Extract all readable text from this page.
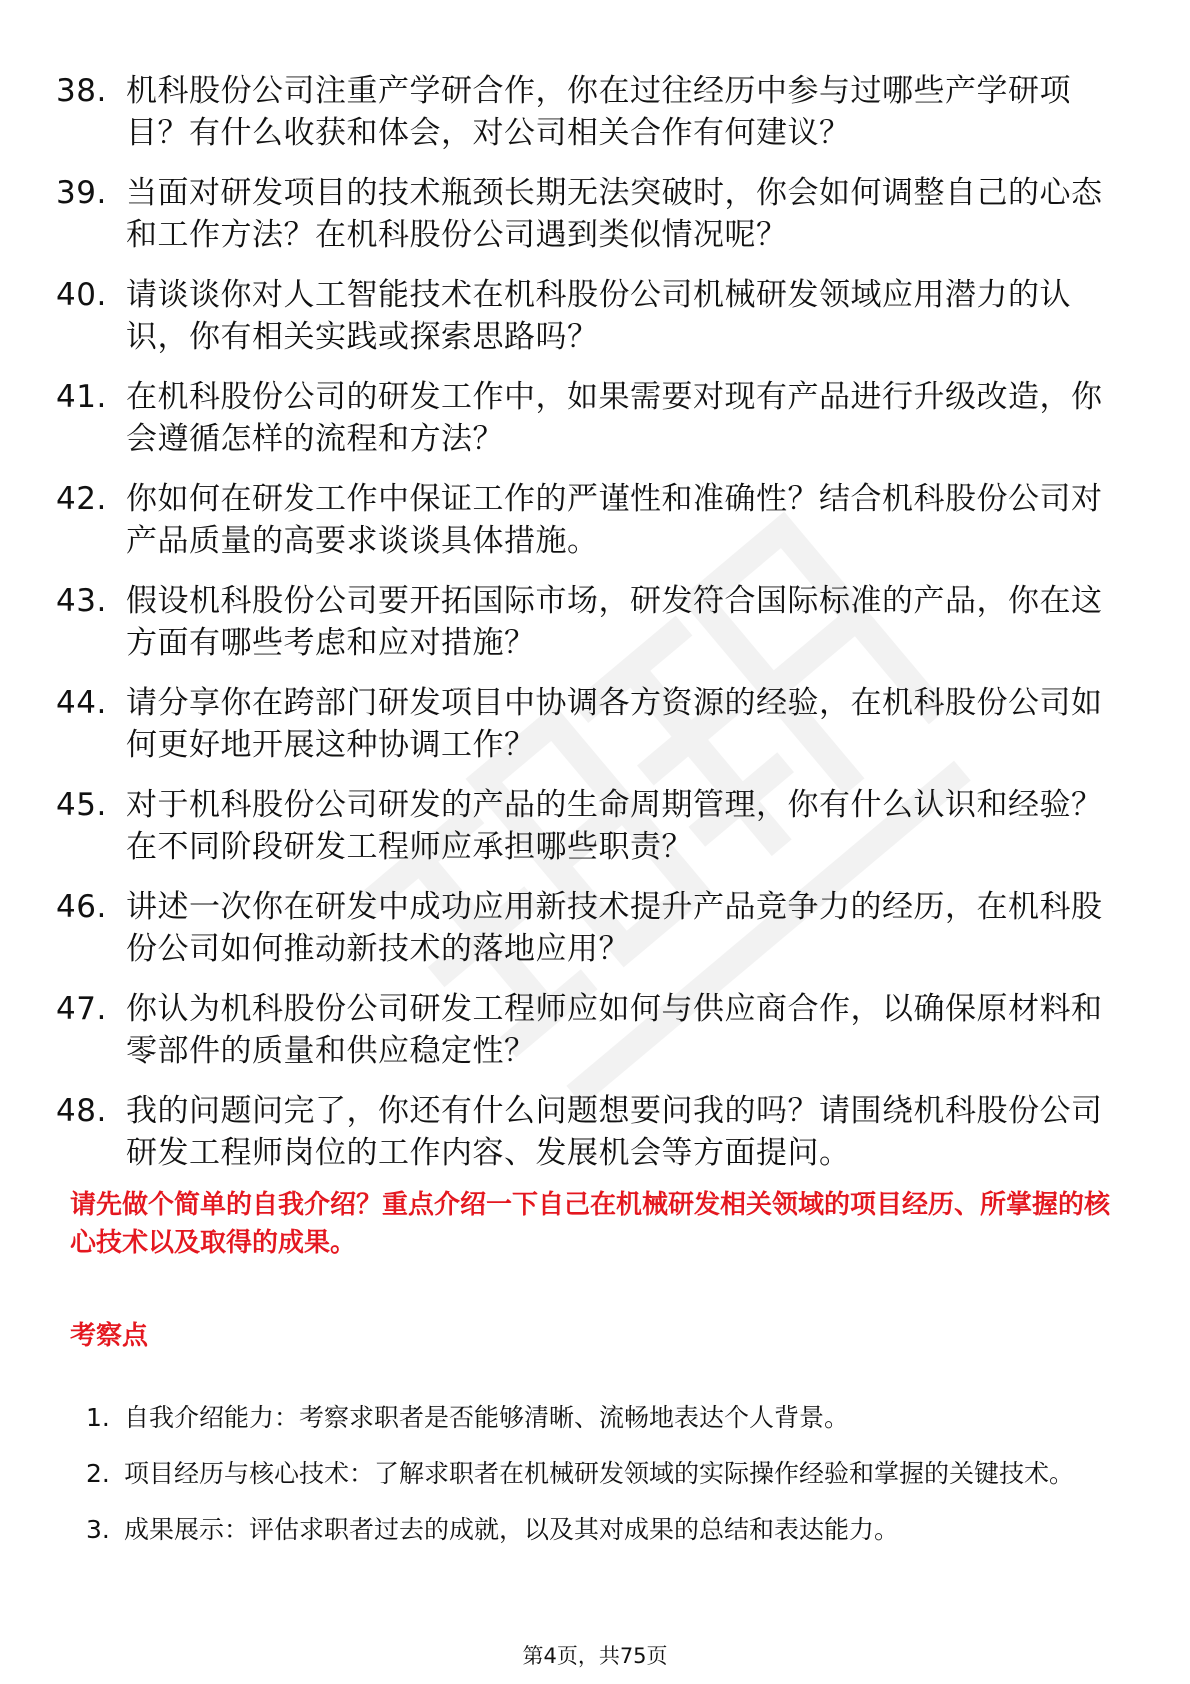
38. 机科股份公司注重产学研合作，你在过往经历中参与过哪些产学研项目？有什么收获和体会，对公司相关合作有何建议？
39. 当面对研发项目的技术瓶颈长期无法突破时，你会如何调整自己的心态和工作方法？在机科股份公司遇到类似情况呢？
40. 请谈谈你对人工智能技术在机科股份公司机械研发领域应用潜力的认识，你有相关实践或探索思路吗？
41. 在机科股份公司的研发工作中，如果需要对现有产品进行升级改造，你会遵循怎样的流程和方法？
42. 你如何在研发工作中保证工作的严谨性和准确性？结合机科股份公司对产品质量的高要求谈谈具体措施。
43. 假设机科股份公司要开拓国际市场，研发符合国际标准的产品，你在这方面有哪些考虑和应对措施？
44. 请分享你在跨部门研发项目中协调各方资源的经验，在机科股份公司如何更好地开展这种协调工作？
45. 对于机科股份公司研发的产品的生命周期管理，你有什么认识和经验？在不同阶段研发工程师应承担哪些职责？
46. 讲述一次你在研发中成功应用新技术提升产品竞争力的经历，在机科股份公司如何推动新技术的落地应用？
47. 你认为机科股份公司研发工程师应如何与供应商合作，以确保原材料和零部件的质量和供应稳定性？
48. 我的问题问完了，你还有什么问题想要问我的吗？请围绕机科股份公司研发工程师岗位的工作内容、发展机会等方面提问。

请先做个简单的自我介绍？重点介绍一下自己在机械研发相关领域的项目经历、所掌握的核心技术以及取得的成果。

考察点

1. 自我介绍能力：考察求职者是否能够清晰、流畅地表达个人背景。
2. 项目经历与核心技术：了解求职者在机械研发领域的实际操作经验和掌握的关键技术。
3. 成果展示：评估求职者过去的成就，以及其对成果的总结和表达能力。
第4页，共75页
